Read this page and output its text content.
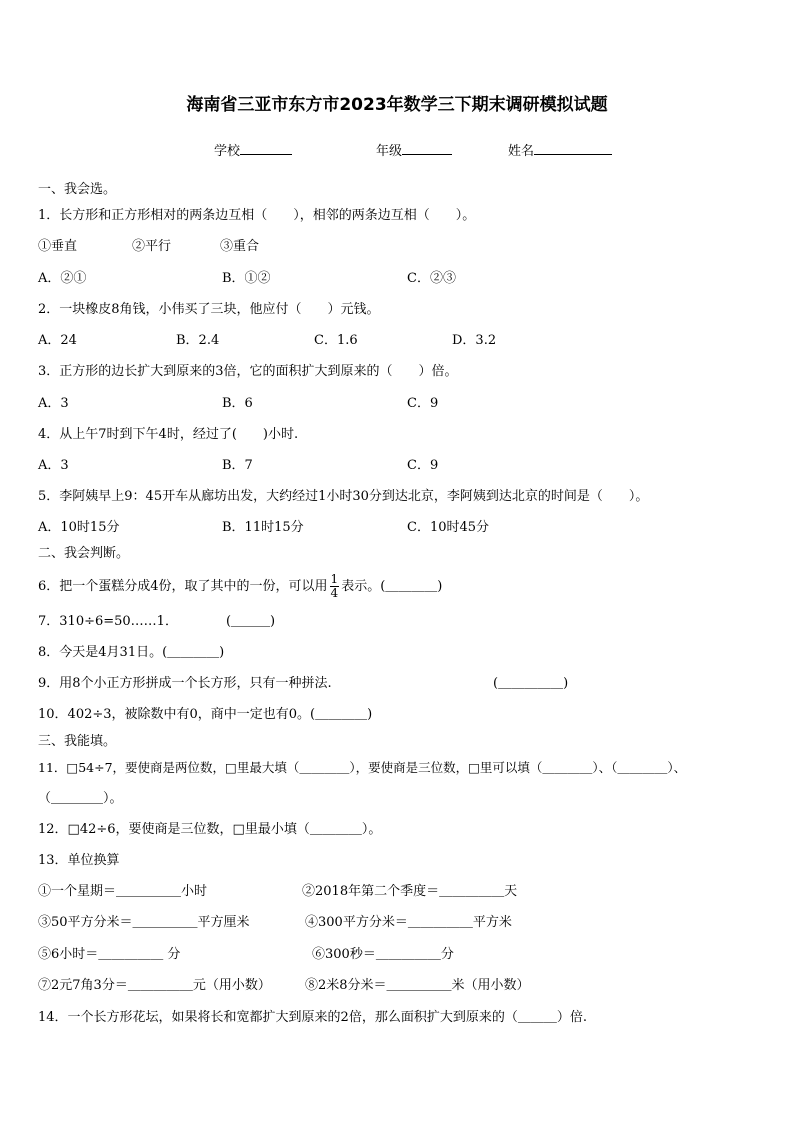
海南省三亚市东方市2023年数学三下期末调研模拟试题
学校	年级	姓名
一、我会选。
1．长方形和正方形相对的两条边互相（　　），相邻的两条边互相（　　）。
①垂直	②平行	③重合
A．②①	B．①②	C．②③
2．一块橡皮8角钱，小伟买了三块，他应付（　　）元钱。
A．24	B．2.4	C．1.6	D．3.2
3．正方形的边长扩大到原来的3倍，它的面积扩大到原来的（　　）倍。
A．3	B．6	C．9
4．从上午7时到下午4时，经过了(　　)小时.
A．3	B．7	C．9
5．李阿姨早上9：45开车从廊坊出发，大约经过1小时30分到达北京，李阿姨到达北京的时间是（　　）。
A．10时15分	B．11时15分	C．10时45分
二、我会判断。
6．把一个蛋糕分成4份，取了其中的一份，可以用 $\frac{1}{4}$ 表示。(＿＿＿＿)
7．310÷6=50……1．	(＿＿＿)
8．今天是4月31日。(＿＿＿＿)
9．用8个小正方形拼成一个长方形，只有一种拼法.	(＿＿＿＿＿)
10．402÷3，被除数中有0，商中一定也有0。(＿＿＿＿)
三、我能填。
11．□54÷7，要使商是两位数，□里最大填（＿＿＿＿），要使商是三位数，□里可以填（＿＿＿＿）、（＿＿＿＿）、
（＿＿＿＿）。
12．□42÷6，要使商是三位数，□里最小填（＿＿＿＿）。
13．单位换算
①一个星期＝＿＿＿＿＿小时	②2018年第二个季度＝＿＿＿＿＿天
③50平方分米＝＿＿＿＿＿平方厘米	④300平方分米＝＿＿＿＿＿平方米
⑤6小时＝＿＿＿＿＿ 分	⑥300秒＝＿＿＿＿＿分
⑦2元7角3分＝＿＿＿＿＿元（用小数）	⑧2米8分米＝＿＿＿＿＿米（用小数）
14．一个长方形花坛，如果将长和宽都扩大到原来的2倍，那么面积扩大到原来的（＿＿＿）倍.
